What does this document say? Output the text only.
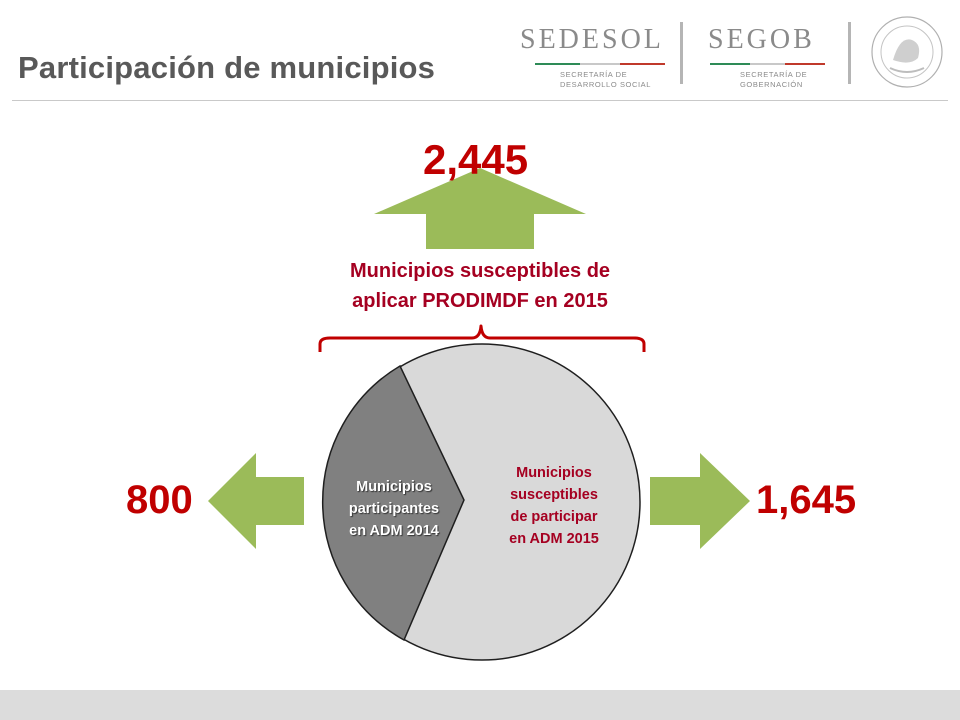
SEDESOL
SECRETARÍA DE
DESARROLLO SOCIAL
SEGOB
SECRETARÍA DE
GOBERNACIÓN
Participación de municipios
2,445
800	1,645
Municipios susceptibles de
aplicar PRODIMDF en 2015
Municipios
participantes
en ADM 2014
Municipios
susceptibles
de participar
en ADM 2015
